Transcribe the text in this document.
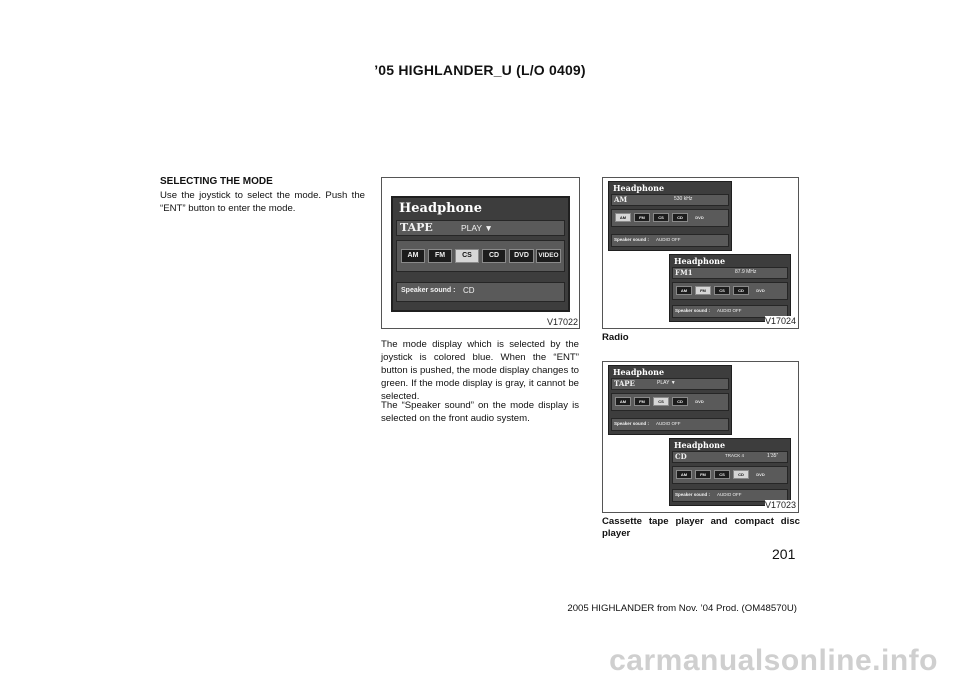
’05 HIGHLANDER_U (L/O 0409)
SELECTING THE MODE
Use the joystick to select the mode. Push the “ENT” button to enter the mode.	Headphone
TAPE	PLAY ▼
AM	FM	CS	CD	DVD	VIDEO
Speaker sound : CD
V17022
The mode display which is selected by the joystick is colored blue. When the “ENT” button is pushed, the mode display changes to green. If the mode display is gray, it cannot be selected.
The “Speaker sound” on the mode display is selected on the front audio system.
Headphone
AM	530 kHz
AM	FM	CS	CD	DVD
Speaker sound : AUDIO OFF
Headphone
FM1	87.9 MHz
AM	FM	CS	CD	DVD
Speaker sound : AUDIO OFF
V17024
Radio
Headphone
TAPE	PLAY ▼
AM	FM	CS	CD	DVD
Speaker sound : AUDIO OFF
Headphone
CD	TRACK 4	1’35”
AM	FM	CS	CD	DVD
Speaker sound : AUDIO OFF
V17023
Cassette tape player and compact disc player
201
2005 HIGHLANDER from Nov. ’04 Prod. (OM48570U)
carmanualsonline.info
